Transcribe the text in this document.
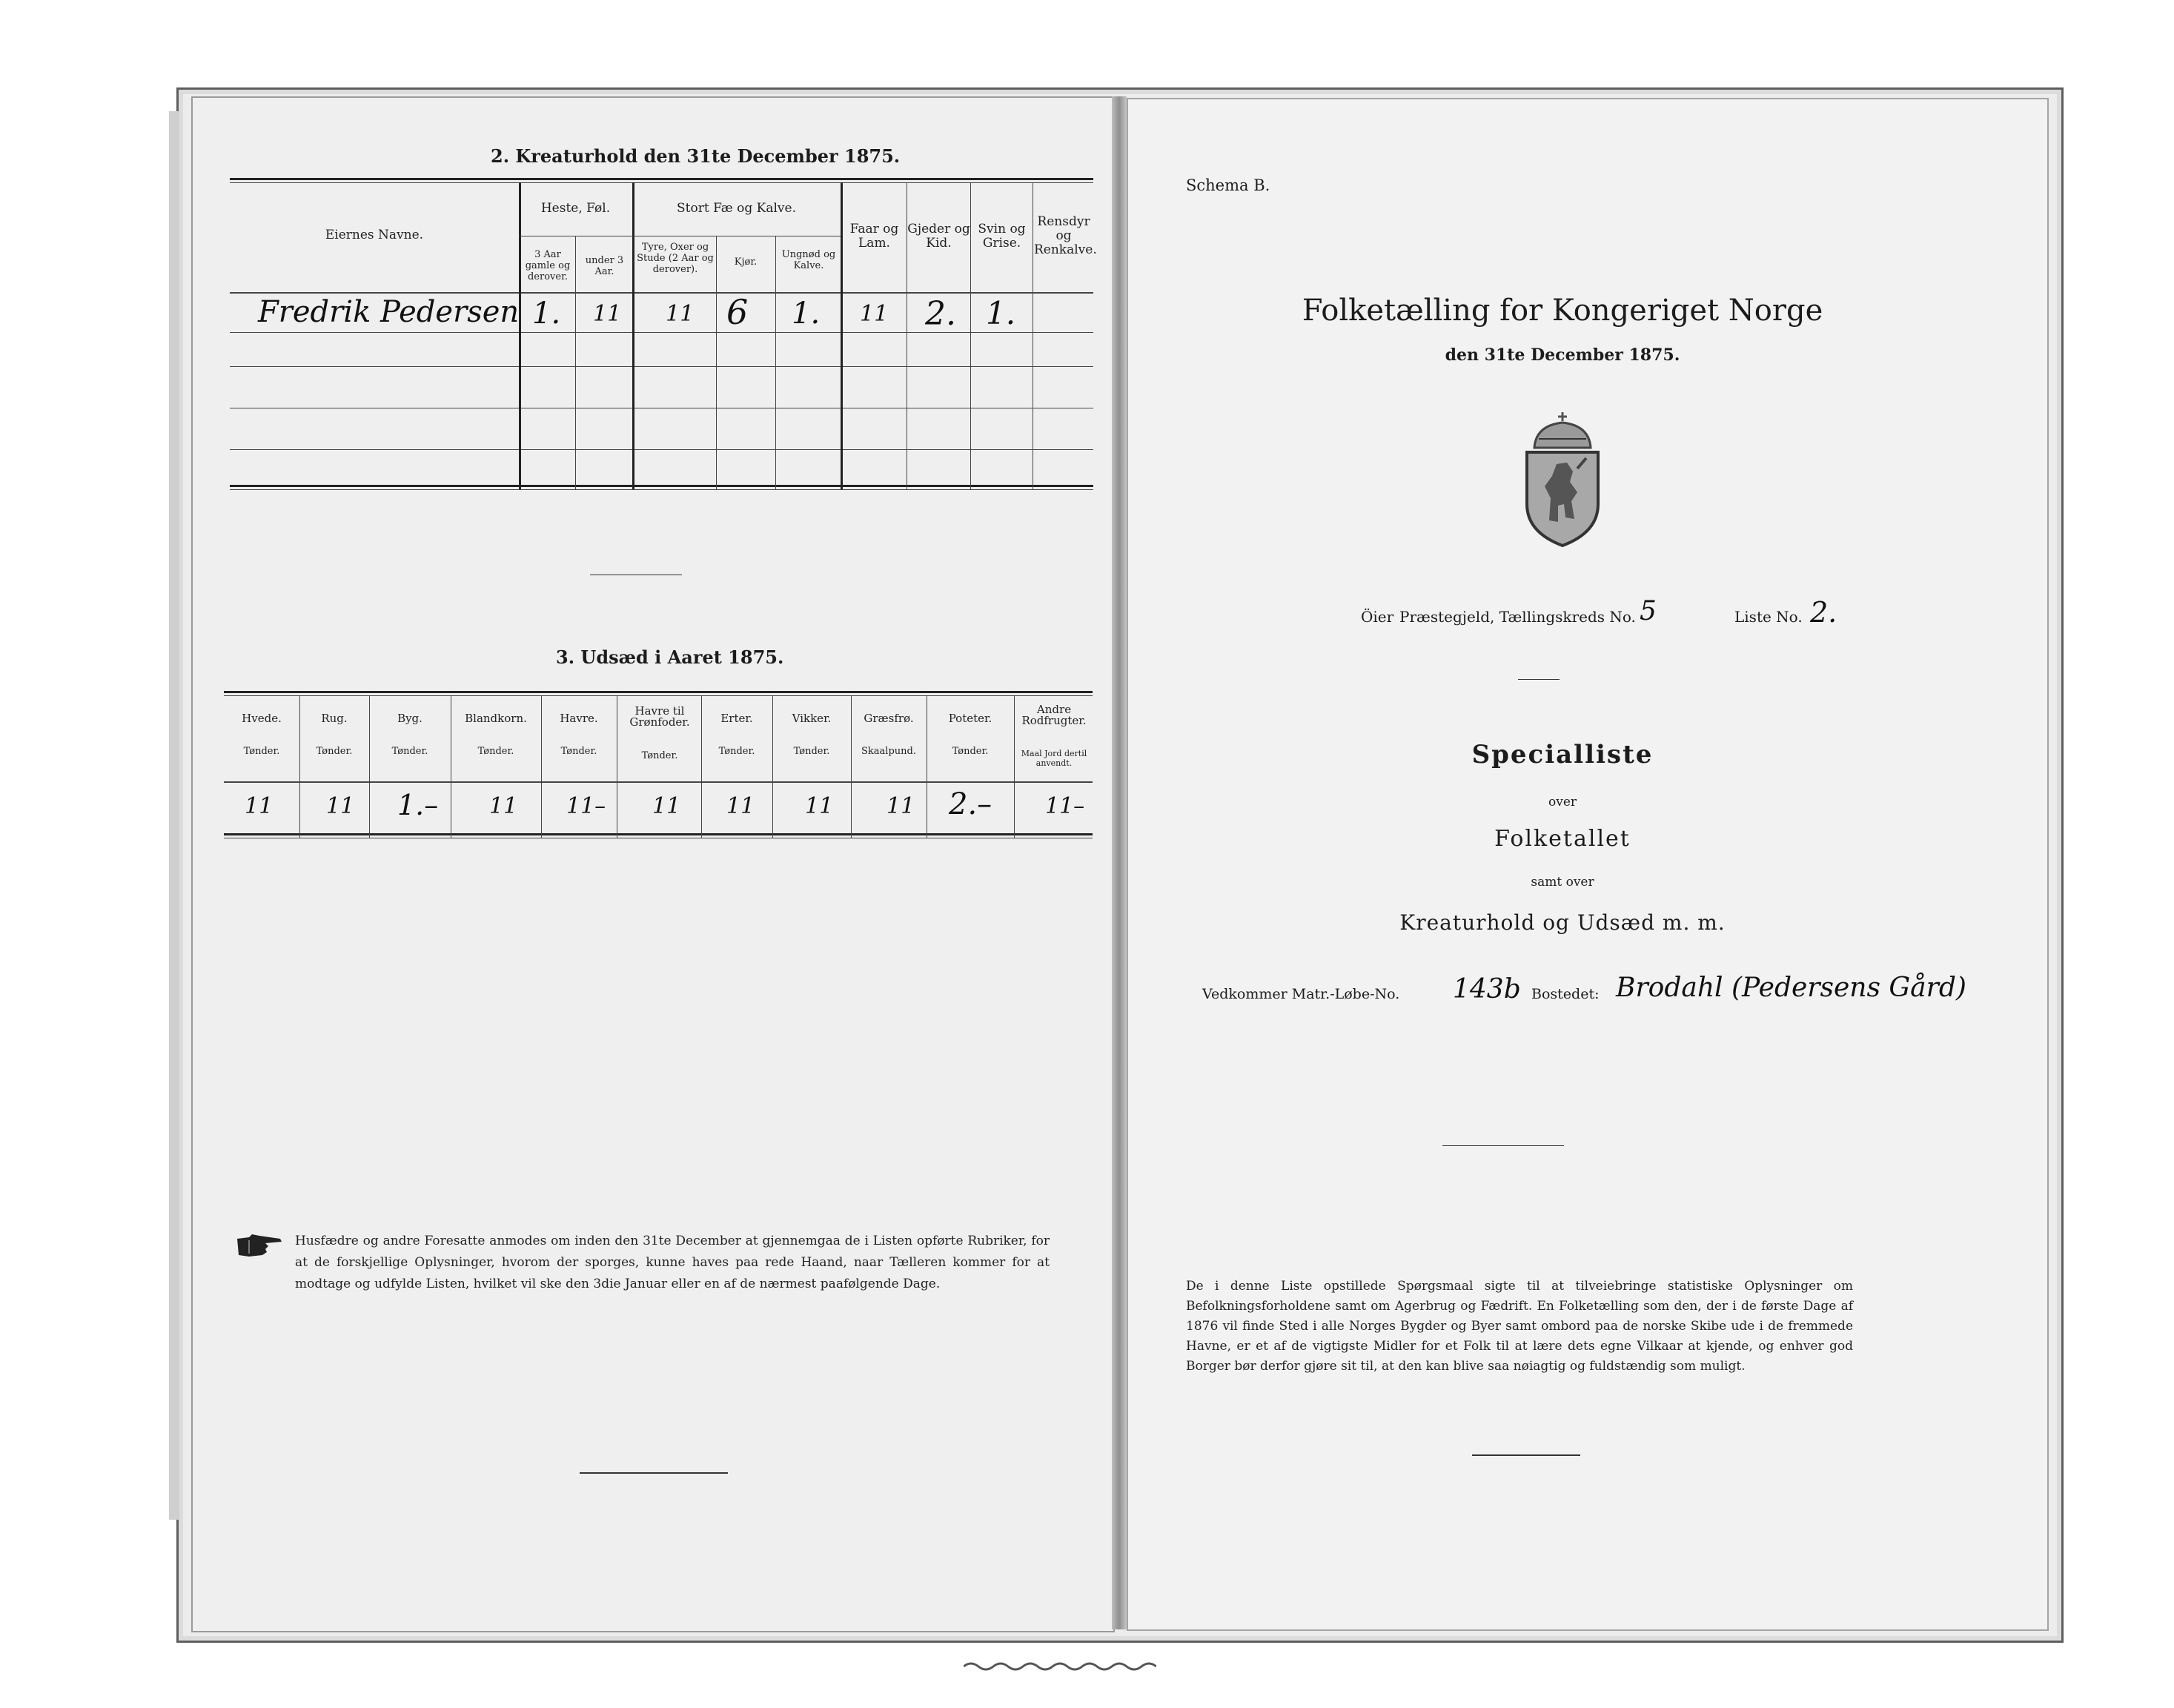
2. Kreaturhold den 31te December 1875.
Eiernes Navne.
Heste, Føl.
3 Aar gamle og derover.
under 3 Aar.
Stort Fæ og Kalve.
Tyre, Oxer og Stude (2 Aar og derover).
Kjør.
Ungnød og Kalve.
Faar og Lam.
Gjeder og Kid.
Svin og Grise.
Rensdyr og Renkalve.
Fredrik Pedersen 1. 11 11 6 1. 11 2. 1.
3. Udsæd i Aaret 1875.
Hvede.
Tønder.
Rug.
Tønder.
Byg.
Tønder.
Blandkorn.
Tønder.
Havre.
Tønder.
Havre til Grønfoder.
Tønder.
Erter.
Tønder.
Vikker.
Tønder.
Græsfrø.
Skaalpund.
Poteter.
Tønder.
Andre Rodfrugter.
Maal Jord dertil anvendt.
11 11 1.– 11 11– 11 11 11 11 2.– 11–
Husfædre og andre Foresatte anmodes om inden den 31te December at gjennemgaa de i Listen opførte Rubriker, for at de forskjellige Oplysninger, hvorom der sporges, kunne haves paa rede Haand, naar Tælleren kommer for at modtage og udfylde Listen, hvilket vil ske den 3die Januar eller en af de nærmest paafølgende Dage.
Schema B.
Folketælling for Kongeriget Norge
den 31te December 1875.
Öier Præstegjeld, Tællingskreds No. 5	Liste No. 2.
Specialliste
over
Folketallet
samt over
Kreaturhold og Udsæd m. m.
Vedkommer Matr.-Løbe-No. 143b Bostedet: Brodahl (Pedersens Gård)
De i denne Liste opstillede Spørgsmaal sigte til at tilveiebringe statistiske Oplysninger om Befolkningsforholdene samt om Agerbrug og Fædrift. En Folketælling som den, der i de første Dage af 1876 vil finde Sted i alle Norges Bygder og Byer samt ombord paa de norske Skibe ude i de fremmede Havne, er et af de vigtigste Midler for et Folk til at lære dets egne Vilkaar at kjende, og enhver god Borger bør derfor gjøre sit til, at den kan blive saa nøiagtig og fuldstændig som muligt.
